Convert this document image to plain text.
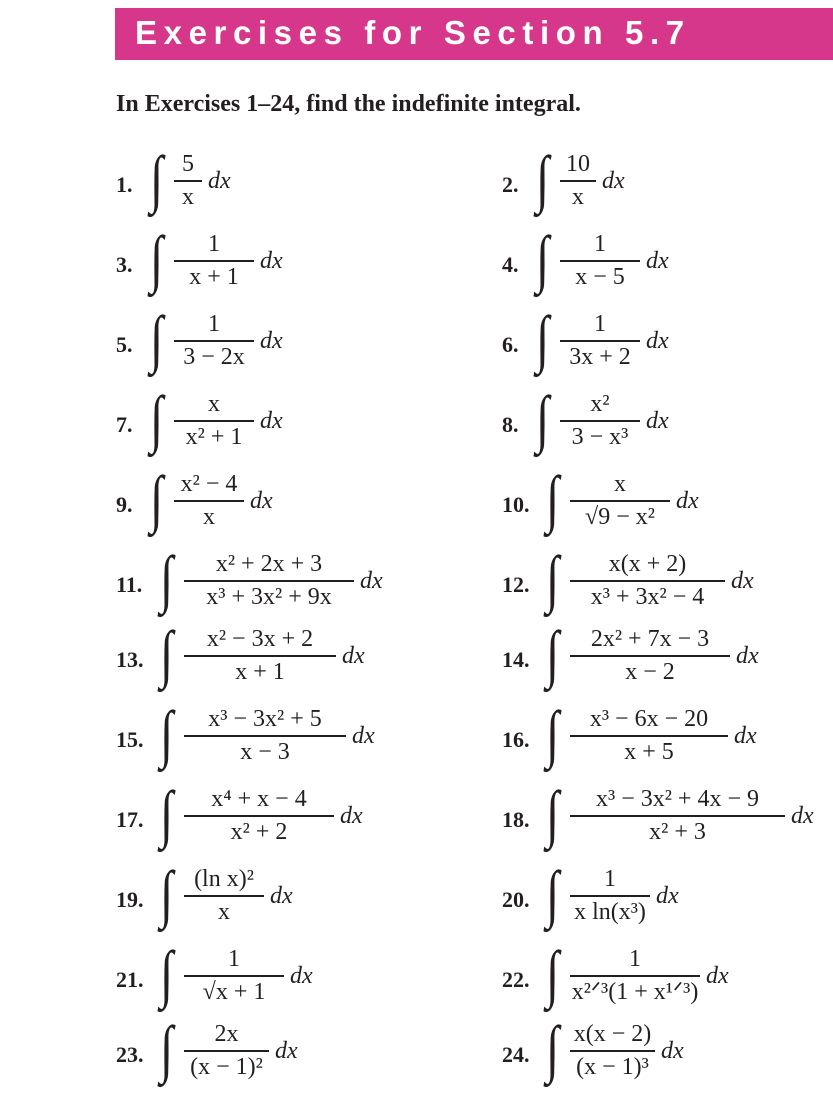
Exercises for Section 5.7
In Exercises 1–24, find the indefinite integral.
1. ∫ 5
x
dx	2. ∫ 10
x
dx
3. ∫	1
x + 1
dx	4. ∫	1
x − 5
dx
5. ∫	1
3 − 2x
dx	6. ∫	1
3x + 2
dx
7. ∫	x
x² + 1
dx	8. ∫	x²
3 − x³
dx
9. ∫ x² − 4
x
dx	10. ∫	x
√9 − x²
dx
11. ∫	x² + 2x + 3
x³ + 3x² + 9x
dx	12. ∫	x(x + 2)
x³ + 3x² − 4
dx
13. ∫	x² − 3x + 2
x + 1
dx	14. ∫	2x² + 7x − 3
x − 2
dx
15. ∫	x³ − 3x² + 5
x − 3
dx	16. ∫	x³ − 6x − 20
x + 5
dx
17. ∫	x⁴ + x − 4
x² + 2
dx	18. ∫	x³ − 3x² + 4x − 9
x² + 3
dx
19. ∫ (ln x)²
x
dx	20. ∫	1
x ln(x³)
dx
21. ∫	1
√x + 1
dx	22. ∫	1
x²ᐟ³(1 + x¹ᐟ³)
dx
23. ∫	2x
(x − 1)²
dx	24. ∫ x(x − 2)
(x − 1)³
dx
